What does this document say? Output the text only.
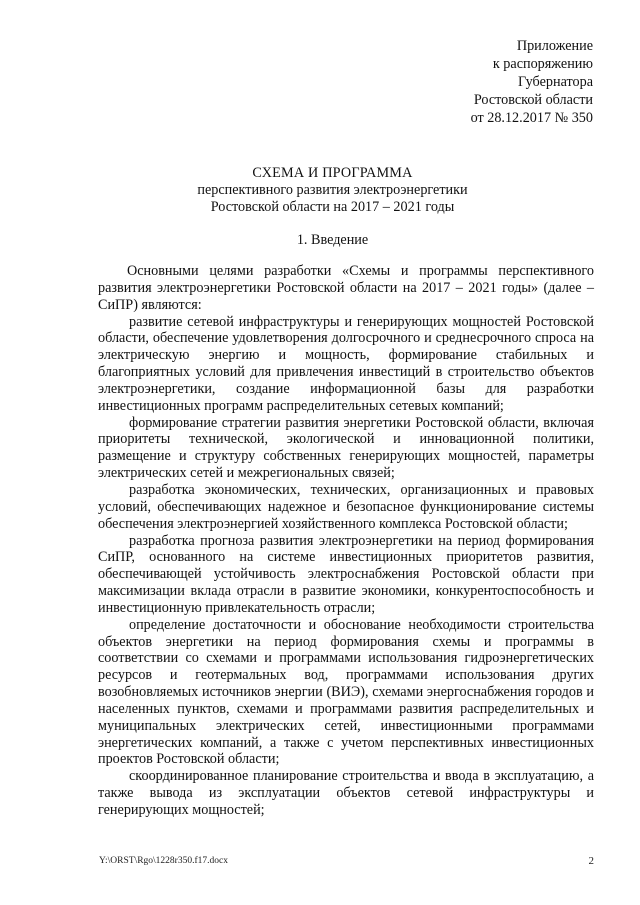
Приложение
к распоряжению
Губернатора
Ростовской области
от 28.12.2017 № 350
СХЕМА И ПРОГРАММА
перспективного развития электроэнергетики
Ростовской области на 2017 – 2021 годы
1. Введение

Основными целями разработки «Схемы и программы перспективного развития электроэнергетики Ростовской области на 2017 – 2021 годы» (далее – СиПР) являются:

развитие сетевой инфраструктуры и генерирующих мощностей Ростовской области, обеспечение удовлетворения долгосрочного и среднесрочного спроса на электрическую энергию и мощность, формирование стабильных и благоприятных условий для привлечения инвестиций в строительство объектов электроэнергетики, создание информационной базы для разработки инвестиционных программ распределительных сетевых компаний;

формирование стратегии развития энергетики Ростовской области, включая приоритеты технической, экологической и инновационной политики, размещение и структуру собственных генерирующих мощностей, параметры электрических сетей и межрегиональных связей;

разработка экономических, технических, организационных и правовых условий, обеспечивающих надежное и безопасное функционирование системы обеспечения электроэнергией хозяйственного комплекса Ростовской области;

разработка прогноза развития электроэнергетики на период формирования СиПР, основанного на системе инвестиционных приоритетов развития, обеспечивающей устойчивость электроснабжения Ростовской области при максимизации вклада отрасли в развитие экономики, конкурентоспособность и инвестиционную привлекательность отрасли;

определение достаточности и обоснование необходимости строительства объектов энергетики на период формирования схемы и программы в соответствии со схемами и программами использования гидроэнергетических ресурсов и геотермальных вод, программами использования других возобновляемых источников энергии (ВИЭ), схемами энергоснабжения городов и населенных пунктов, схемами и программами развития распределительных и муниципальных электрических сетей, инвестиционными программами энергетических компаний, а также с учетом перспективных инвестиционных проектов Ростовской области;

скоординированное планирование строительства и ввода в эксплуатацию, а также вывода из эксплуатации объектов сетевой инфраструктуры и генерирующих мощностей;

Y:\ORST\Rgo\1228r350.f17.docx	2
